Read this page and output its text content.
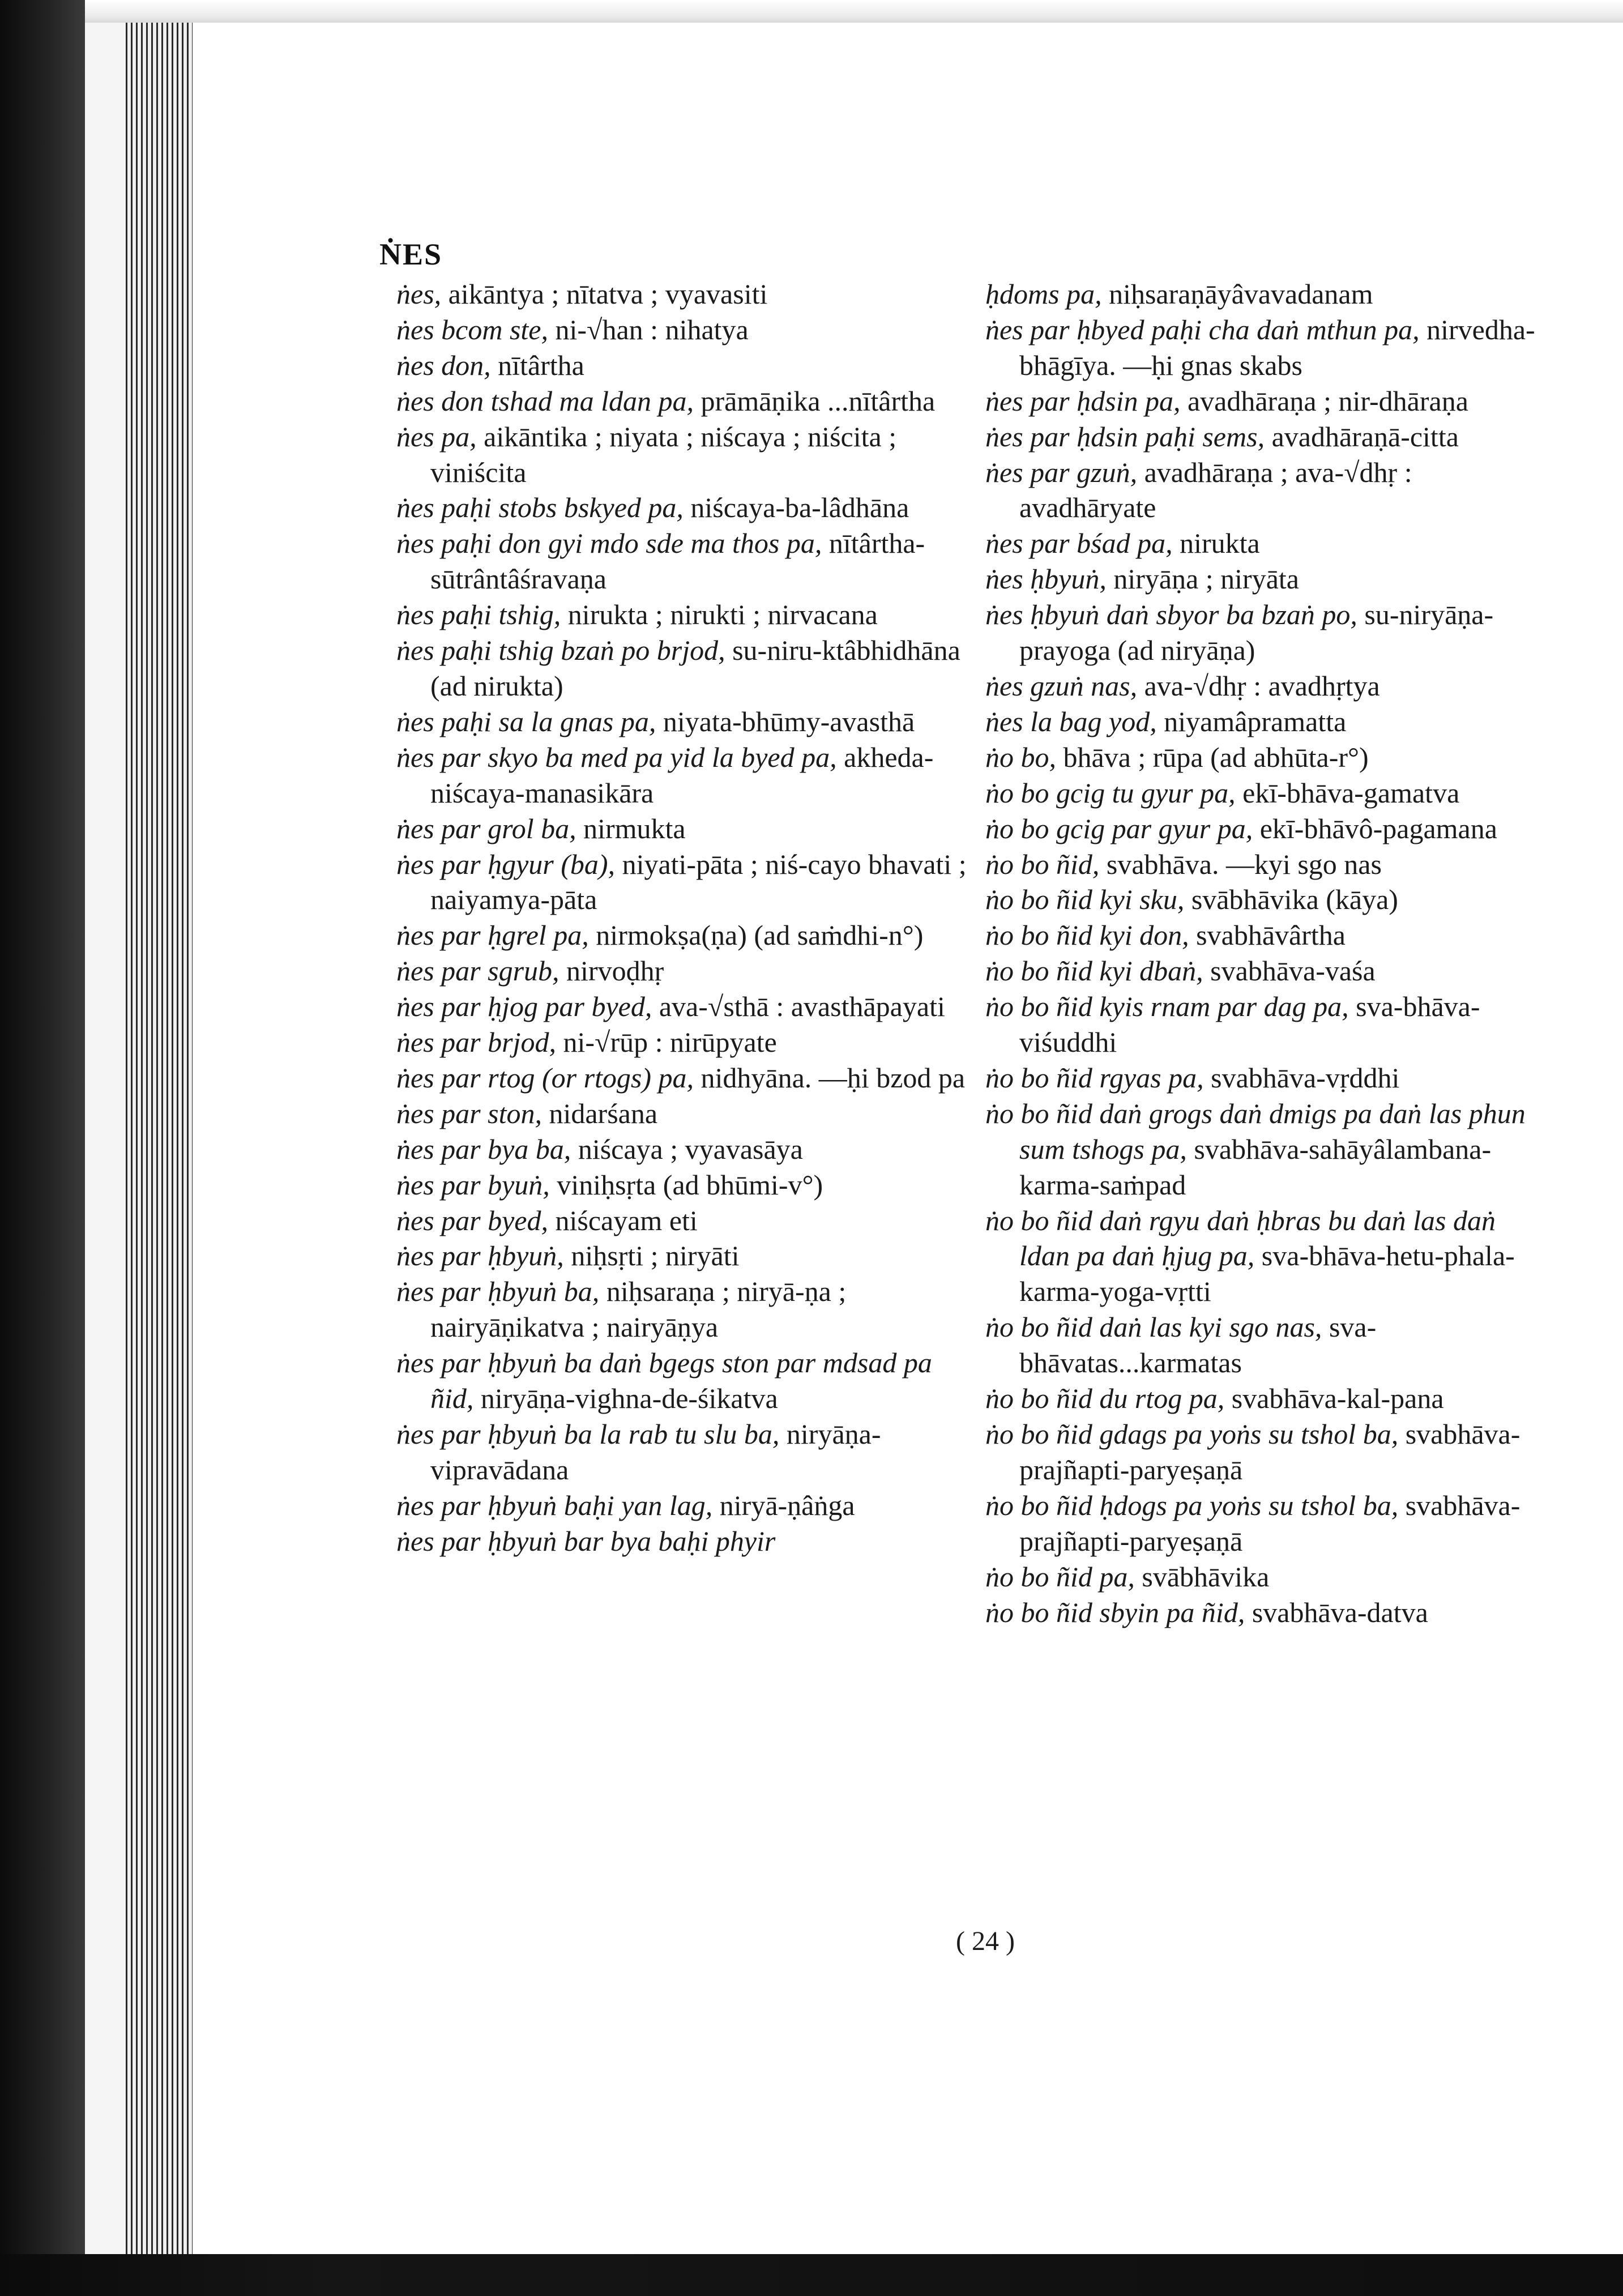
ṄES

ṅes, aikāntya ; nītatva ; vyavasiti

ṅes bcom ste, ni-√han : nihatya

ṅes don, nītârtha

ṅes don tshad ma ldan pa, prāmāṇika ...nītârtha

ṅes pa, aikāntika ; niyata ; niścaya ; niścita ; viniścita

ṅes paḥi stobs bskyed pa, niścaya-ba-lâdhāna

ṅes paḥi don gyi mdo sde ma thos pa, nītârtha-sūtrântâśravaṇa

ṅes paḥi tshig, nirukta ; nirukti ; nirvacana

ṅes paḥi tshig bzaṅ po brjod, su-niru-ktâbhidhāna (ad nirukta)

ṅes paḥi sa la gnas pa, niyata-bhūmy-avasthā

ṅes par skyo ba med pa yid la byed pa, akheda-niścaya-manasikāra

ṅes par grol ba, nirmukta

ṅes par ḥgyur (ba), niyati-pāta ; niś-cayo bhavati ; naiyamya-pāta

ṅes par ḥgrel pa, nirmokṣa(ṇa) (ad saṁdhi-n°)

ṅes par sgrub, nirvoḍhṛ

ṅes par ḥjog par byed, ava-√sthā : avasthāpayati

ṅes par brjod, ni-√rūp : nirūpyate

ṅes par rtog (or rtogs) pa, nidhyāna. —ḥi bzod pa

ṅes par ston, nidarśana

ṅes par bya ba, niścaya ; vyavasāya

ṅes par byuṅ, viniḥsṛta (ad bhūmi-v°)

ṅes par byed, niścayam eti

ṅes par ḥbyuṅ, niḥsṛti ; niryāti

ṅes par ḥbyuṅ ba, niḥsaraṇa ; niryā-ṇa ; nairyāṇikatva ; nairyāṇya

ṅes par ḥbyuṅ ba daṅ bgegs ston par mdsad pa ñid, niryāṇa-vighna-de-śikatva

ṅes par ḥbyuṅ ba la rab tu slu ba, niryāṇa-vipravādana

ṅes par ḥbyuṅ baḥi yan lag, niryā-ṇâṅga

ṅes par ḥbyuṅ bar bya baḥi phyir

ḥdoms pa, niḥsaraṇāyâvavadanam

ṅes par ḥbyed paḥi cha daṅ mthun pa, nirvedha-bhāgīya. —ḥi gnas skabs

ṅes par ḥdsin pa, avadhāraṇa ; nir-dhāraṇa

ṅes par ḥdsin paḥi sems, avadhāraṇā-citta

ṅes par gzuṅ, avadhāraṇa ; ava-√dhṛ : avadhāryate

ṅes par bśad pa, nirukta

ṅes ḥbyuṅ, niryāṇa ; niryāta

ṅes ḥbyuṅ daṅ sbyor ba bzaṅ po, su-niryāṇa-prayoga (ad niryāṇa)

ṅes gzuṅ nas, ava-√dhṛ : avadhṛtya

ṅes la bag yod, niyamâpramatta

ṅo bo, bhāva ; rūpa (ad abhūta-r°)

ṅo bo gcig tu gyur pa, ekī-bhāva-gamatva

ṅo bo gcig par gyur pa, ekī-bhāvô-pagamana

ṅo bo ñid, svabhāva. —kyi sgo nas

ṅo bo ñid kyi sku, svābhāvika (kāya)

ṅo bo ñid kyi don, svabhāvârtha

ṅo bo ñid kyi dbaṅ, svabhāva-vaśa

ṅo bo ñid kyis rnam par dag pa, sva-bhāva-viśuddhi

ṅo bo ñid rgyas pa, svabhāva-vṛddhi

ṅo bo ñid daṅ grogs daṅ dmigs pa daṅ las phun sum tshogs pa, svabhāva-sahāyâlambana-karma-saṁpad

ṅo bo ñid daṅ rgyu daṅ ḥbras bu daṅ las daṅ ldan pa daṅ ḥjug pa, sva-bhāva-hetu-phala-karma-yoga-vṛtti

ṅo bo ñid daṅ las kyi sgo nas, sva-bhāvatas...karmatas

ṅo bo ñid du rtog pa, svabhāva-kal-pana

ṅo bo ñid gdags pa yoṅs su tshol ba, svabhāva-prajñapti-paryeṣaṇā

ṅo bo ñid ḥdogs pa yoṅs su tshol ba, svabhāva-prajñapti-paryeṣaṇā

ṅo bo ñid pa, svābhāvika

ṅo bo ñid sbyin pa ñid, svabhāva-datva

( 24 )
